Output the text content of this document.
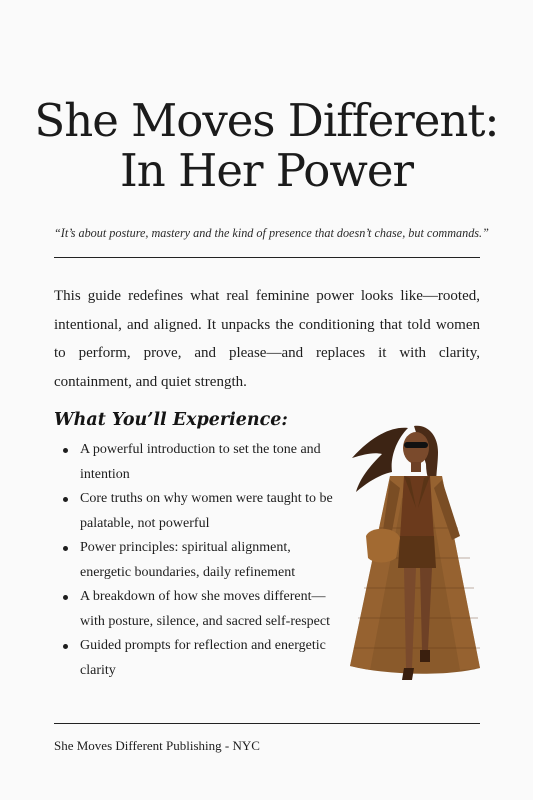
She Moves Different:
In Her Power

“It’s about posture, mastery and the kind of presence that doesn’t chase, but commands.”

This guide redefines what real feminine power looks like—rooted, intentional, and aligned. It unpacks the conditioning that told women to perform, prove, and please—and replaces it with clarity, containment, and quiet strength.

What You’ll Experience:
A powerful introduction to set the tone and intention
Core truths on why women were taught to be palatable, not powerful
Power principles: spiritual alignment, energetic boundaries, daily refinement
A breakdown of how she moves different—with posture, silence, and sacred self-respect
Guided prompts for reflection and energetic clarity

She Moves Different Publishing - NYC
